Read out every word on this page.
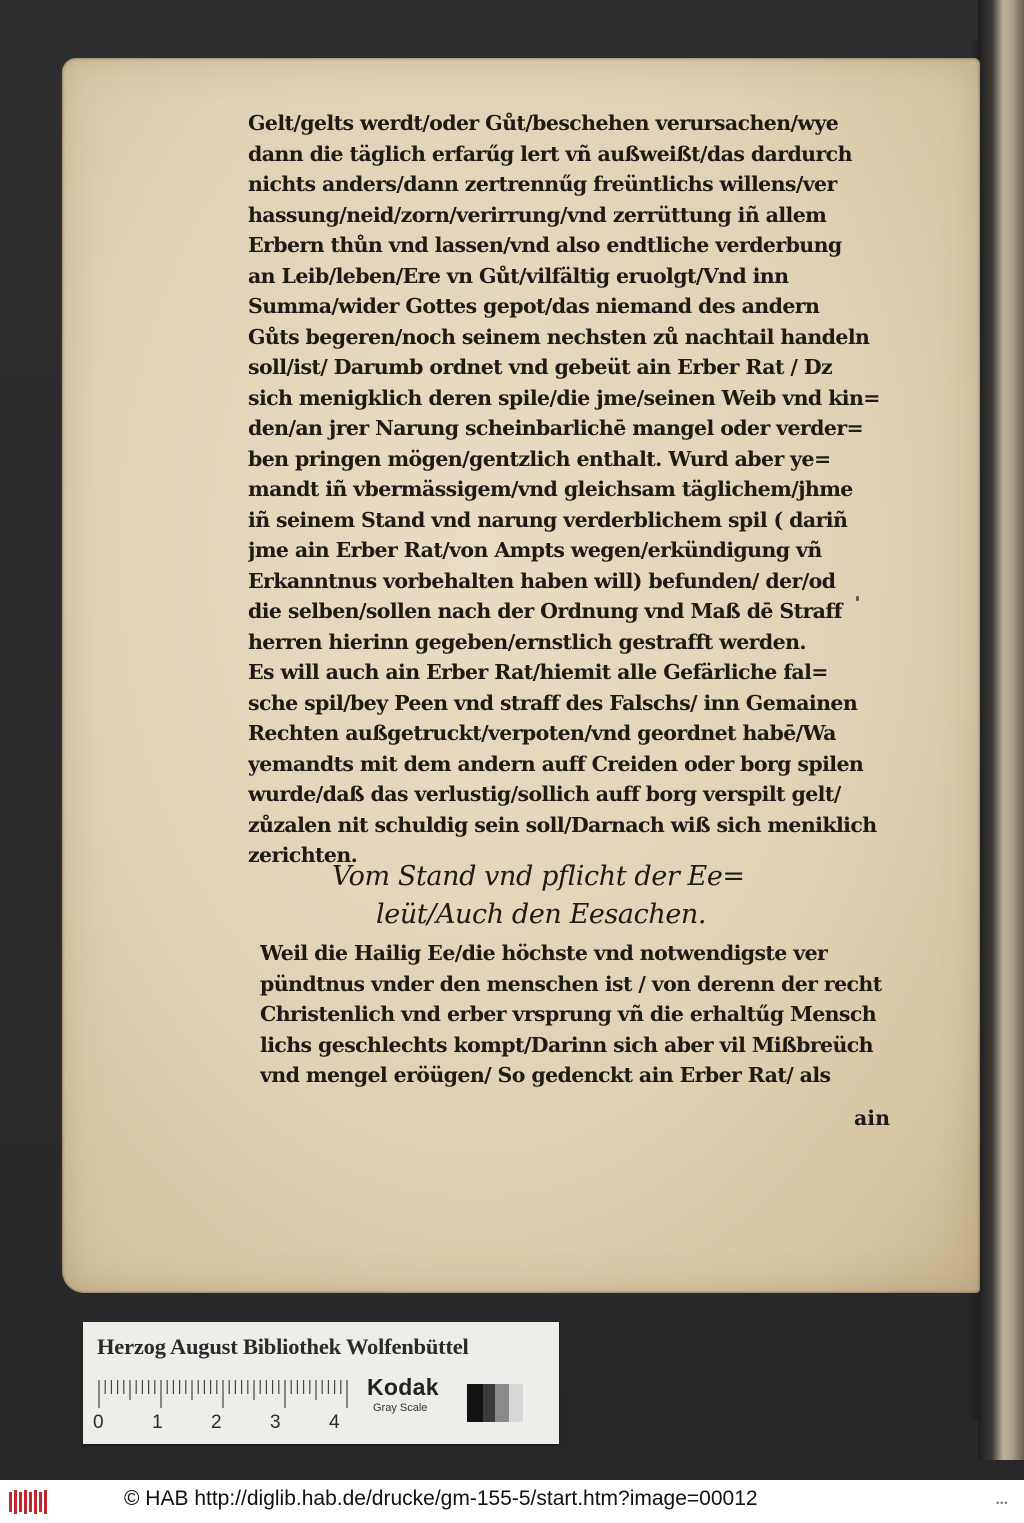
Gelt/gelts werdt/oder Gůt/beschehen verursachen/wye
dann die täglich erfarűg lert vñ außweißt/das dardurch
nichts anders/dann zertrennűg freüntlichs willens/ver
hassung/neid/zorn/verirrung/vnd zerrüttung iñ allem
Erbern thůn vnd lassen/vnd also endtliche verderbung
an Leib/leben/Ere vn Gůt/vilfältig eruolgt/Vnd inn
Summa/wider Gottes gepot/das niemand des andern
Gůts begeren/noch seinem nechsten zů nachtail handeln
soll/ist/ Darumb ordnet vnd gebeüt ain Erber Rat / Dz
sich menigklich deren spile/die jme/seinen Weib vnd kin=
den/an jrer Narung scheinbarlichē mangel oder verder=
ben pringen mögen/gentzlich enthalt. Wurd aber ye=
mandt iñ vbermässigem/vnd gleichsam täglichem/jhme
iñ seinem Stand vnd narung verderblichem spil ( dariñ
jme ain Erber Rat/von Ampts wegen/erkündigung vñ
Erkanntnus vorbehalten haben will) befunden/ der/od
die selben/sollen nach der Ordnung vnd Maß dē Straff
herren hierinn gegeben/ernstlich gestrafft werden.
Es will auch ain Erber Rat/hiemit alle Gefärliche fal=
sche spil/bey Peen vnd straff des Falschs/ inn Gemainen
Rechten außgetruckt/verpoten/vnd geordnet habē/Wa
yemandts mit dem andern auff Creiden oder borg spilen
wurde/daß das verlustig/sollich auff borg verspilt gelt/
zůzalen nit schuldig sein soll/Darnach wiß sich meniklich
zerichten.
Vom Stand vnd pflicht der Ee=
leüt/Auch den Eesachen.
Weil die Hailig Ee/die höchste vnd notwendigste ver
pündtnus vnder den menschen ist / von derenn der recht
Christenlich vnd erber vrsprung vñ die erhaltűg Mensch
lichs geschlechts kompt/Darinn sich aber vil Mißbreüch
vnd mengel eröügen/ So gedenckt ain Erber Rat/ als
ain
Herzog August Bibliothek Wolfenbüttel
0	1	2	3	4
Kodak
Gray Scale
© HAB http://diglib.hab.de/drucke/gm-155-5/start.htm?image=00012	•••
